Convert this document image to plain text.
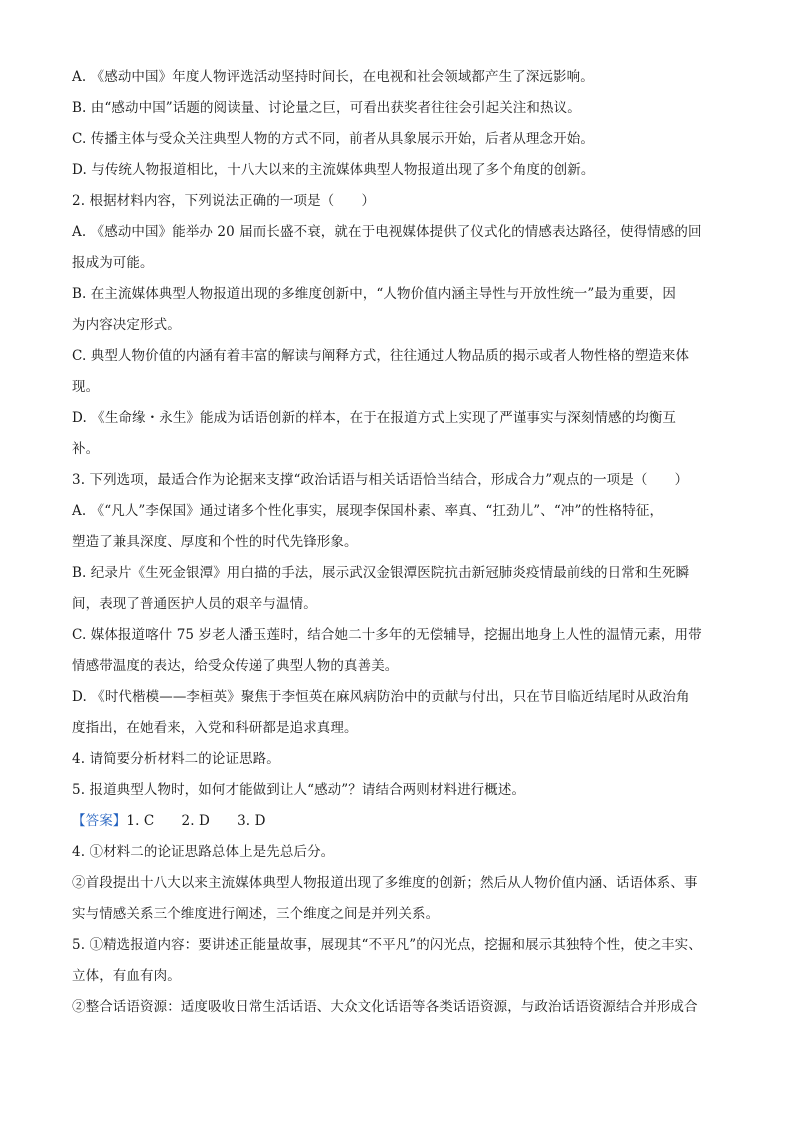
A. 《感动中国》年度人物评选活动坚持时间长，在电视和社会领域都产生了深远影响。
B. 由“感动中国”话题的阅读量、讨论量之巨，可看出获奖者往往会引起关注和热议。
C. 传播主体与受众关注典型人物的方式不同，前者从具象展示开始，后者从理念开始。
D. 与传统人物报道相比，十八大以来的主流媒体典型人物报道出现了多个角度的创新。
2. 根据材料内容，下列说法正确的一项是（　　）
A. 《感动中国》能举办 20 届而长盛不衰，就在于电视媒体提供了仪式化的情感表达路径，使得情感的回
报成为可能。
B. 在主流媒体典型人物报道出现的多维度创新中，“人物价值内涵主导性与开放性统一”最为重要，因
为内容决定形式。
C. 典型人物价值的内涵有着丰富的解读与阐释方式，往往通过人物品质的揭示或者人物性格的塑造来体
现。
D. 《生命缘・永生》能成为话语创新的样本，在于在报道方式上实现了严谨事实与深刻情感的均衡互
补。
3. 下列选项，最适合作为论据来支撑“政治话语与相关话语恰当结合，形成合力”观点的一项是（　　）
A. 《“凡人”李保国》通过诸多个性化事实，展现李保国朴素、率真、“扛劲儿”、“冲”的性格特征，
塑造了兼具深度、厚度和个性的时代先锋形象。
B. 纪录片《生死金银潭》用白描的手法，展示武汉金银潭医院抗击新冠肺炎疫情最前线的日常和生死瞬
间，表现了普通医护人员的艰辛与温情。
C. 媒体报道喀什 75 岁老人潘玉莲时，结合她二十多年的无偿辅导，挖掘出地身上人性的温情元素，用带
情感带温度的表达，给受众传递了典型人物的真善美。
D. 《时代楷模——李桓英》聚焦于李恒英在麻风病防治中的贡献与付出，只在节目临近结尾时从政治角
度指出，在她看来，入党和科研都是追求真理。
4. 请简要分析材料二的论证思路。
5. 报道典型人物时，如何才能做到让人“感动”？请结合两则材料进行概述。
【答案】1. C　　2. D　　3. D
4. ①材料二的论证思路总体上是先总后分。
②首段提出十八大以来主流媒体典型人物报道出现了多维度的创新；然后从人物价值内涵、话语体系、事
实与情感关系三个维度进行阐述，三个维度之间是并列关系。
5. ①精选报道内容：要讲述正能量故事，展现其“不平凡”的闪光点，挖掘和展示其独特个性，使之丰实、
立体，有血有肉。
②整合话语资源：适度吸收日常生活话语、大众文化话语等各类话语资源，与政治话语资源结合并形成合
